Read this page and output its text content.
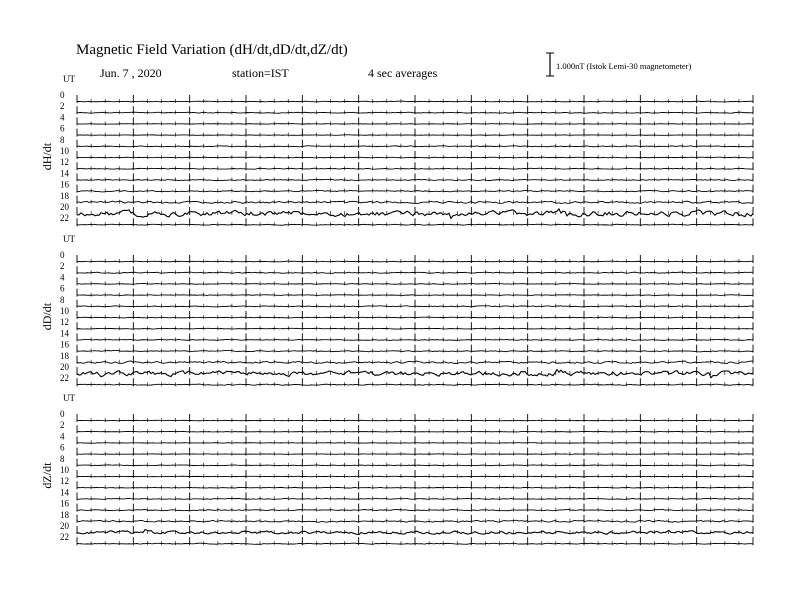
Magnetic Field Variation (dH/dt,dD/dt,dZ/dt)
Jun. 7 , 2020	station=IST	4 sec averages	1.000nT (Istok Lemi-30 magnetometer)
UT
dH/dt
0
2
4
6
8
10
12
14
16
18
20
22
UT
dD/dt
0
2
4
6
8
10
12
14
16
18
20
22
UT
dZ/dt
0
2
4
6
8
10
12
14
16
18
20
22
